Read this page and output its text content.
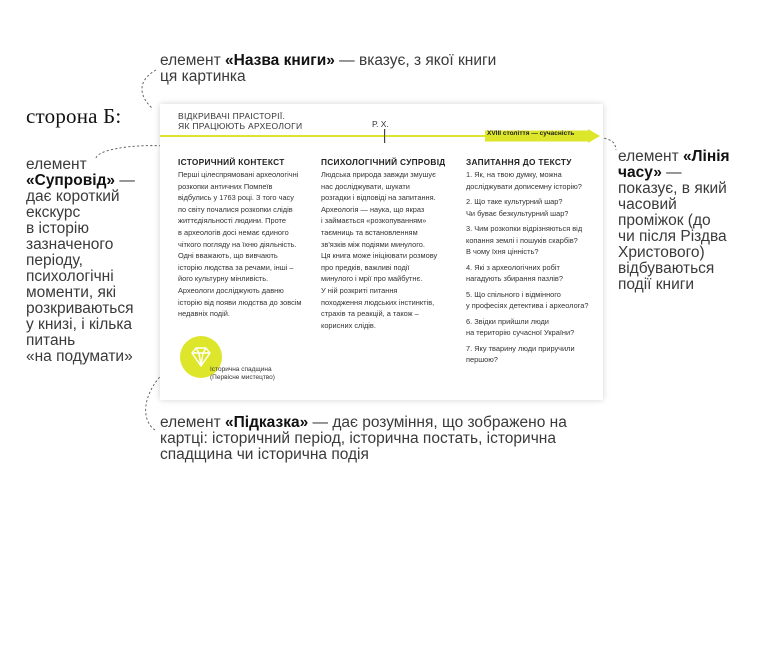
сторона Б:
елемент «Назва книги» — вказує, з якої книги
ця картинка
елемент «Лінія
часу» —
показує, в який
часовий
проміжок (до
чи після Різдва
Христового)
відбуваються
події книги
елемент
«Супровід» —
дає короткий
екскурс
в історію
зазначеного
періоду,
психологічні
моменти, які
розкриваються
у книзі, і кілька
питань
«на подумати»
елемент «Підказка» — дає розуміння, що зображено на
картці: історичний період, історична постать, історична
спадщина чи історична подія
ВІДКРИВАЧІ ПРАІСТОРІЇ.
ЯК ПРАЦЮЮТЬ АРХЕОЛОГИ	Р. Х.
XVIII століття — сучасність
ІСТОРИЧНИЙ КОНТЕКСТ
Перші цілеспрямовані археологічні
розкопки античних Помпеїв
відбулись у 1763 році. З того часу
по світу почалися розкопки слідів
життєдіяльності людини. Проте
в археологів досі немає єдиного
чіткого погляду на їхню діяльність.
Одні вважають, що вивчають
історію людства за речами, інші –
його культурну мінливість.
Археологи досліджують давню
історію від появи людства до зовсім
недавніх подій.
ПСИХОЛОГІЧНИЙ СУПРОВІД
Людська природа завжди змушує
нас досліджувати, шукати
розгадки і відповіді на запитання.
Археологія — наука, що якраз
і займається «розкопуванням»
таємниць та встановленням
зв'язків між подіями минулого.
Ця книга може ініціювати розмову
про предків, важливі події
минулого і мрії про майбутнє.
У ній розкриті питання
походження людських інстинктів,
страхів та реакцій, а також –
корисних слідів.
ЗАПИТАННЯ ДО ТЕКСТУ
1. Як, на твою думку, можна
досліджувати дописемну історію?
2. Що таке культурний шар?
Чи буває безкультурний шар?
3. Чим розкопки відрізняються від
копання землі і пошуків скарбів?
В чому їхня цінність?
4. Які з археологічних робіт
нагадують збирання пазлів?
5. Що спільного і відмінного
у професіях детектива і археолога?
6. Звідки прийшли люди
на територію сучасної України?
7. Яку тварину люди приручили
першою?
Історична спадщина
(Первісне мистецтво)
